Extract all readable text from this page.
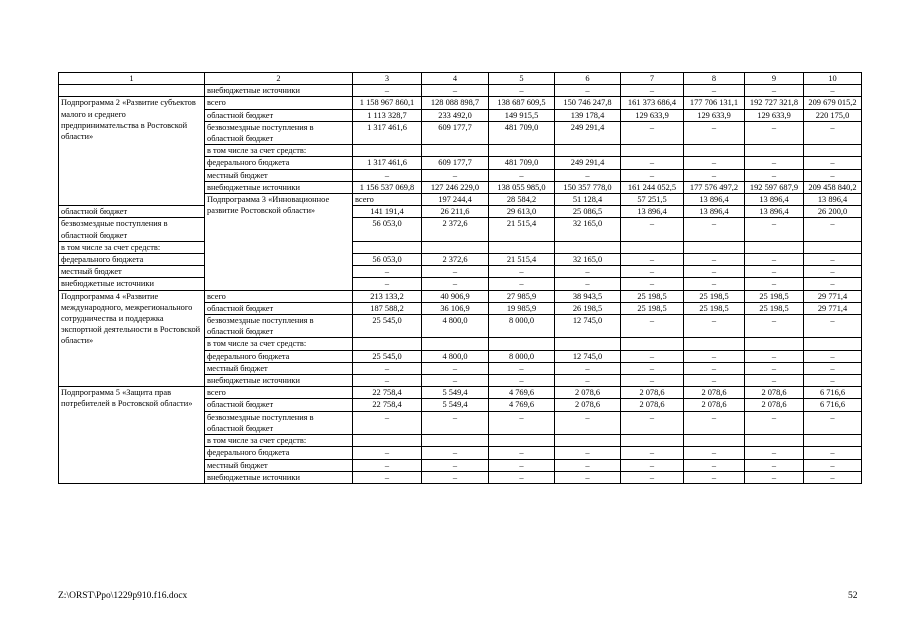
1	2	3	4	5	6	7	8	9	10	
	внебюджетные источники	–	–	–	–	–	–	–	–	
Подпрограмма 2 «Развитие субъектов малого и среднего предпринимательства в Ростовской области»	всего	1 158 967 860,1	128 088 898,7	138 687 609,5	150 746 247,8	161 373 686,4	177 706 131,1	192 727 321,8	209 679 015,2	
	областной бюджет	1 113 328,7	233 492,0	149 915,5	139 178,4	129 633,9	129 633,9	129 633,9	220 175,0	
	безвозмездные поступления в областной бюджет	1 317 461,6	609 177,7	481 709,0	249 291,4	–	–	–	–	
	в том числе за счет средств:									
	федерального бюджета	1 317 461,6	609 177,7	481 709,0	249 291,4	–	–	–	–	
	местный бюджет	–	–	–	–	–	–	–	–	
	внебюджетные источники	1 156 537 069,8	127 246 229,0	138 055 985,0	150 357 778,0	161 244 052,5	177 576 497,2	192 597 687,9	209 458 840,2	
	Подпрограмма 3 «Инновационное развитие Ростовской области»	всего	197 244,4	28 584,2	51 128,4	57 251,5	13 896,4	13 896,4	13 896,4	
областной бюджет		141 191,4	26 211,6	29 613,0	25 086,5	13 896,4	13 896,4	13 896,4	26 200,0	
безвозмездные поступления в областной бюджет		56 053,0	2 372,6	21 515,4	32 165,0	–	–	–	–	
в том числе за счет средств:										
федерального бюджета		56 053,0	2 372,6	21 515,4	32 165,0	–	–	–	–	
местный бюджет		–	–	–	–	–	–	–	–	
внебюджетные источники		–	–	–	–	–	–	–	–	
Подпрограмма 4 «Развитие международного, межрегионального сотрудничества и поддержка экспортной деятельности в Ростовской области»	всего	213 133,2	40 906,9	27 985,9	38 943,5	25 198,5	25 198,5	25 198,5	29 771,4	
	областной бюджет	187 588,2	36 106,9	19 985,9	26 198,5	25 198,5	25 198,5	25 198,5	29 771,4	
	безвозмездные поступления в областной бюджет	25 545,0	4 800,0	8 000,0	12 745,0	–	–	–	–	
	в том числе за счет средств:									
	федерального бюджета	25 545,0	4 800,0	8 000,0	12 745,0	–	–	–	–	
	местный бюджет	–	–	–	–	–	–	–	–	
	внебюджетные источники	–	–	–	–	–	–	–	–	
Подпрограмма 5 «Защита прав потребителей в Ростовской области»	всего	22 758,4	5 549,4	4 769,6	2 078,6	2 078,6	2 078,6	2 078,6	6 716,6	
	областной бюджет	22 758,4	5 549,4	4 769,6	2 078,6	2 078,6	2 078,6	2 078,6	6 716,6	
	безвозмездные поступления в областной бюджет	–	–	–	–	–	–	–	–	
	в том числе за счет средств:									
	федерального бюджета	–	–	–	–	–	–	–	–	
	местный бюджет	–	–	–	–	–	–	–	–	
	внебюджетные источники	–	–	–	–	–	–	–	–	
Z:\ORST\Ppo\1229p910.f16.docx	52
